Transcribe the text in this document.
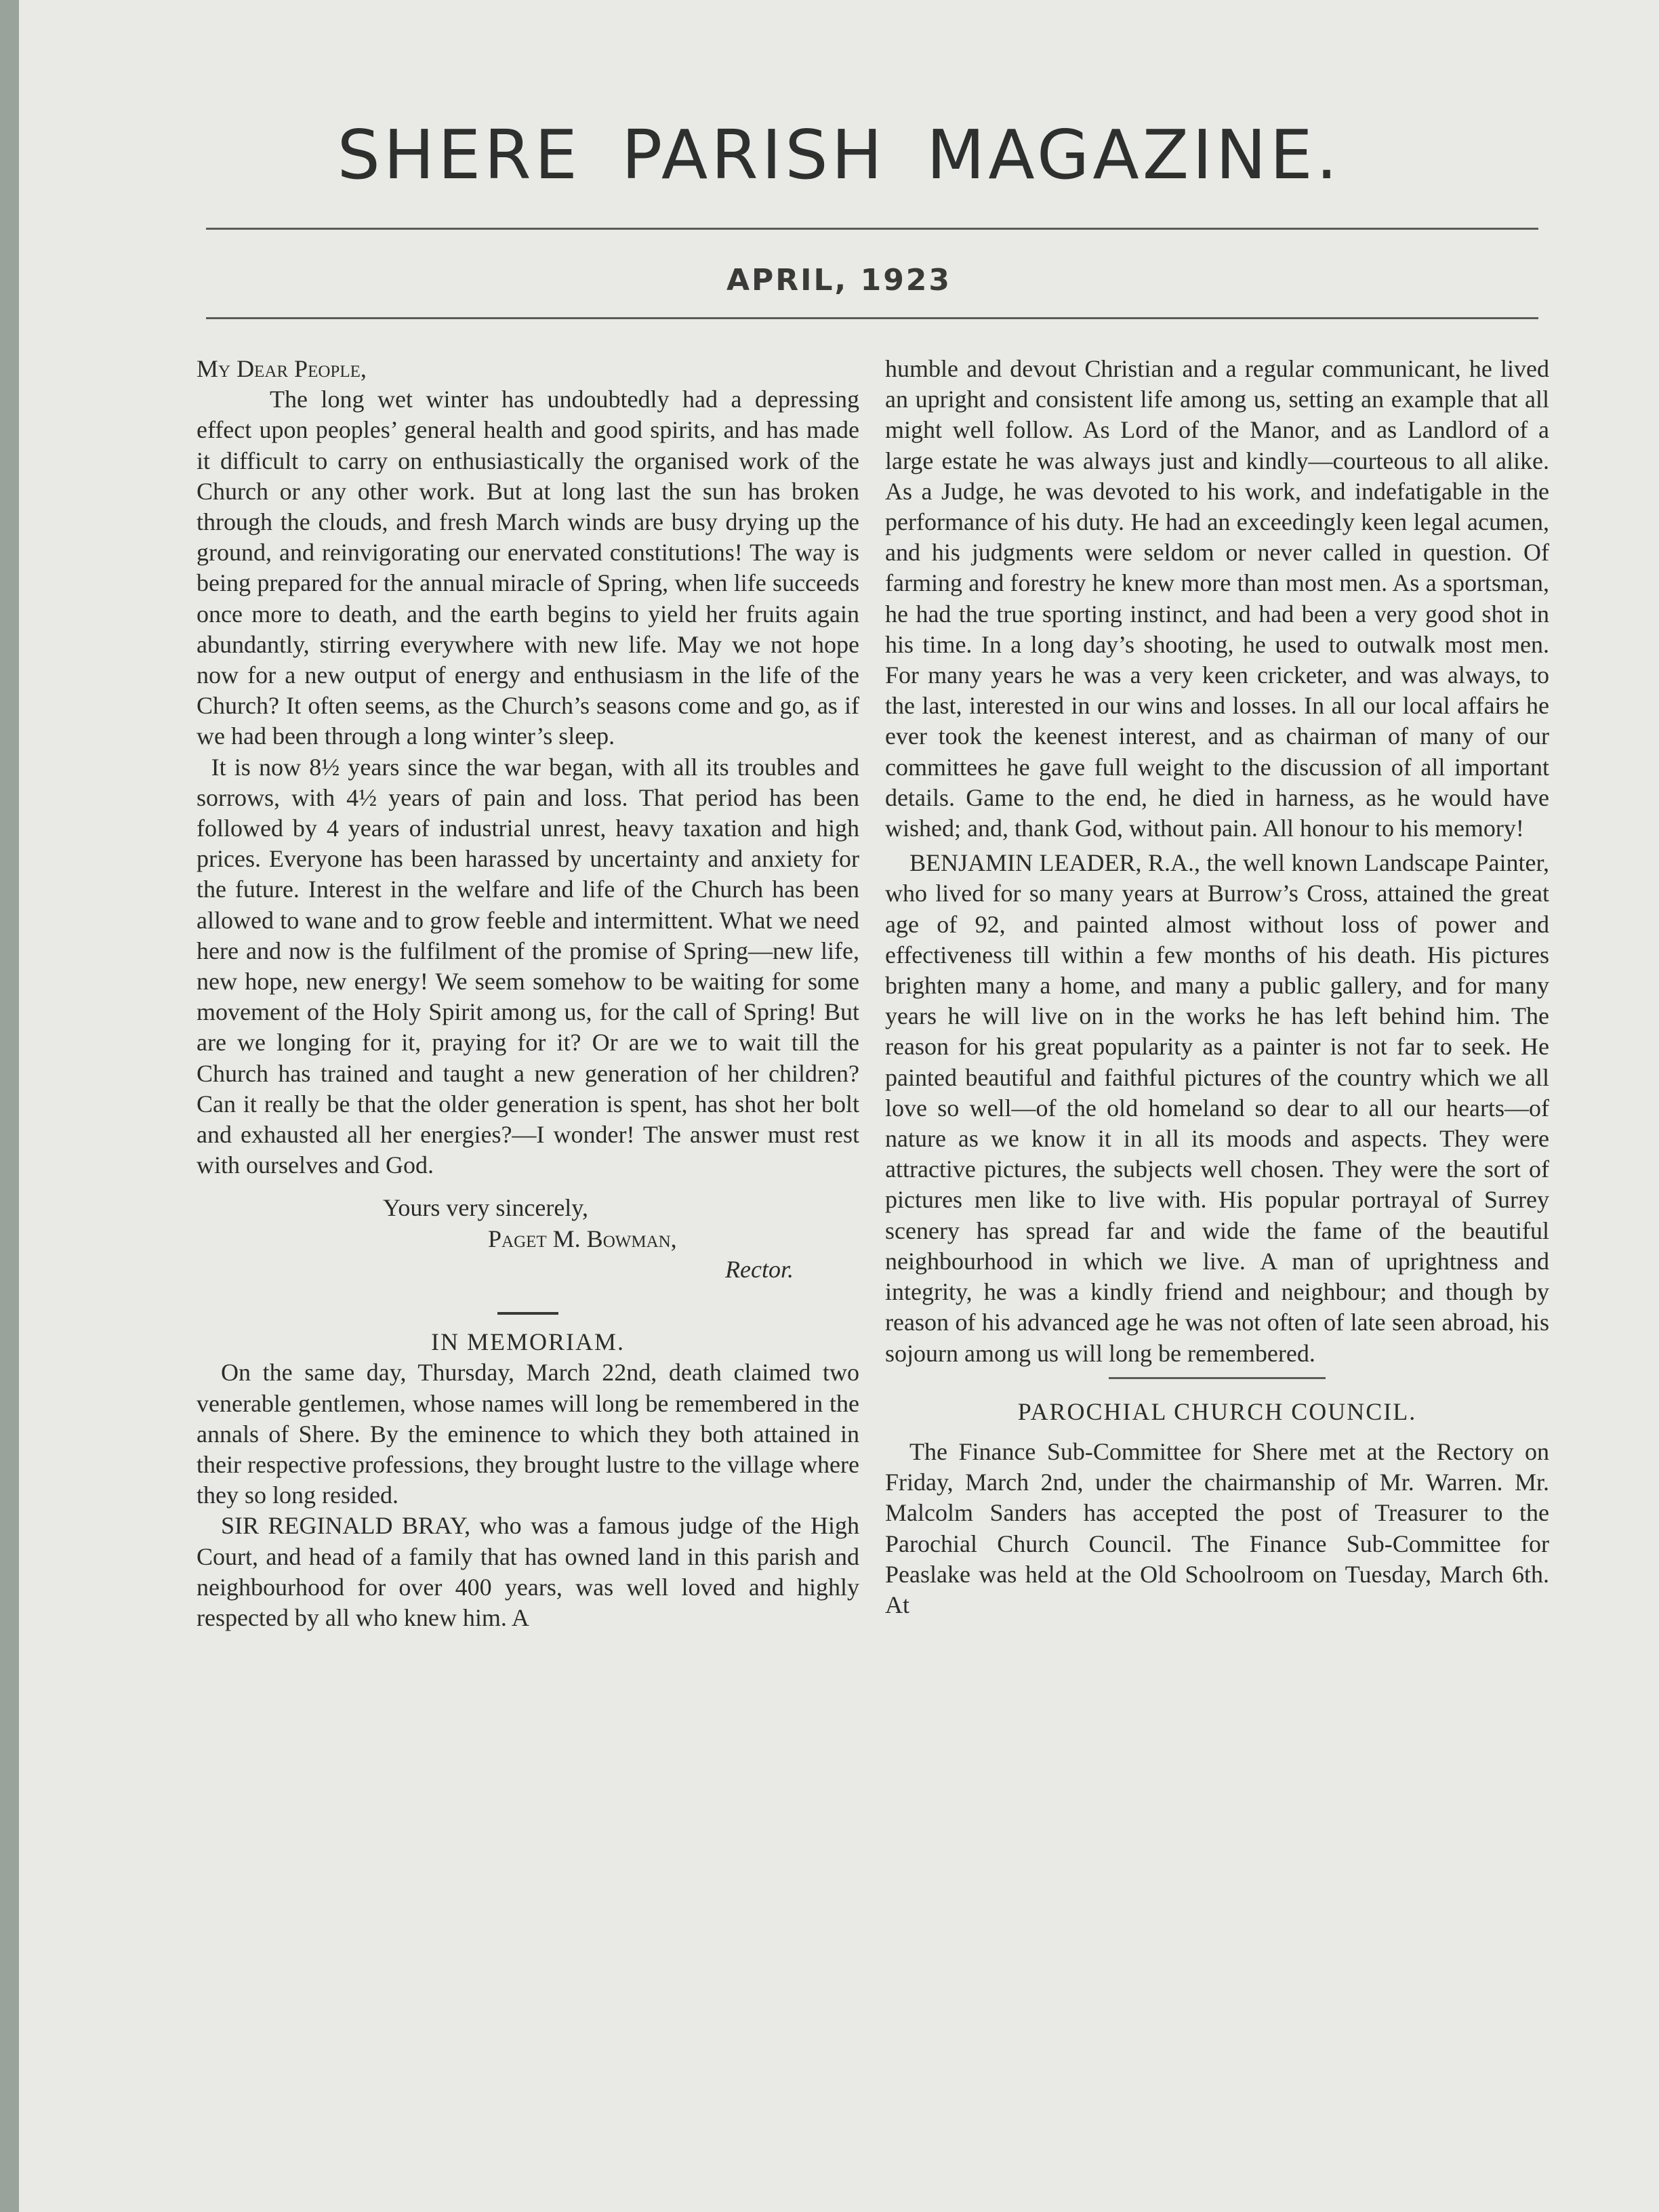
SHERE PARISH MAGAZINE.
APRIL, 1923

My Dear People,

The long wet winter has undoubtedly had a depressing effect upon peoples’ general health and good spirits, and has made it difficult to carry on enthusiastically the organised work of the Church or any other work. But at long last the sun has broken through the clouds, and fresh March winds are busy drying up the ground, and reinvigorating our enervated constitutions! The way is being prepared for the annual miracle of Spring, when life succeeds once more to death, and the earth begins to yield her fruits again abundantly, stirring everywhere with new life. May we not hope now for a new output of energy and enthusiasm in the life of the Church? It often seems, as the Church’s seasons come and go, as if we had been through a long winter’s sleep.

It is now 8½ years since the war began, with all its troubles and sorrows, with 4½ years of pain and loss. That period has been followed by 4 years of industrial unrest, heavy taxation and high prices. Everyone has been harassed by uncertainty and anxiety for the future. Interest in the welfare and life of the Church has been allowed to wane and to grow feeble and intermittent. What we need here and now is the fulfilment of the promise of Spring—new life, new hope, new energy! We seem somehow to be waiting for some movement of the Holy Spirit among us, for the call of Spring! But are we longing for it, praying for it? Or are we to wait till the Church has trained and taught a new generation of her children? Can it really be that the older generation is spent, has shot her bolt and exhausted all her energies?—I wonder! The answer must rest with ourselves and God.

Yours very sincerely,

Paget M. Bowman,

Rector.

IN MEMORIAM.

On the same day, Thursday, March 22nd, death claimed two venerable gentlemen, whose names will long be remembered in the annals of Shere. By the eminence to which they both attained in their respective professions, they brought lustre to the village where they so long resided.

SIR REGINALD BRAY, who was a famous judge of the High Court, and head of a family that has owned land in this parish and neighbourhood for over 400 years, was well loved and highly respected by all who knew him. A

humble and devout Christian and a regular communicant, he lived an upright and consistent life among us, setting an example that all might well follow. As Lord of the Manor, and as Landlord of a large estate he was always just and kindly—courteous to all alike. As a Judge, he was devoted to his work, and indefatigable in the performance of his duty. He had an exceedingly keen legal acumen, and his judgments were seldom or never called in question. Of farming and forestry he knew more than most men. As a sportsman, he had the true sporting instinct, and had been a very good shot in his time. In a long day’s shooting, he used to outwalk most men. For many years he was a very keen cricketer, and was always, to the last, interested in our wins and losses. In all our local affairs he ever took the keenest interest, and as chairman of many of our committees he gave full weight to the discussion of all important details. Game to the end, he died in harness, as he would have wished; and, thank God, without pain. All honour to his memory!

BENJAMIN LEADER, R.A., the well known Landscape Painter, who lived for so many years at Burrow’s Cross, attained the great age of 92, and painted almost without loss of power and effectiveness till within a few months of his death. His pictures brighten many a home, and many a public gallery, and for many years he will live on in the works he has left behind him. The reason for his great popularity as a painter is not far to seek. He painted beautiful and faithful pictures of the country which we all love so well—of the old homeland so dear to all our hearts—of nature as we know it in all its moods and aspects. They were attractive pictures, the subjects well chosen. They were the sort of pictures men like to live with. His popular portrayal of Surrey scenery has spread far and wide the fame of the beautiful neighbourhood in which we live. A man of uprightness and integrity, he was a kindly friend and neighbour; and though by reason of his advanced age he was not often of late seen abroad, his sojourn among us will long be remembered.

PAROCHIAL CHURCH COUNCIL.

The Finance Sub-Committee for Shere met at the Rectory on Friday, March 2nd, under the chairmanship of Mr. Warren. Mr. Malcolm Sanders has accepted the post of Treasurer to the Parochial Church Council. The Finance Sub-Committee for Peaslake was held at the Old Schoolroom on Tuesday, March 6th. At
